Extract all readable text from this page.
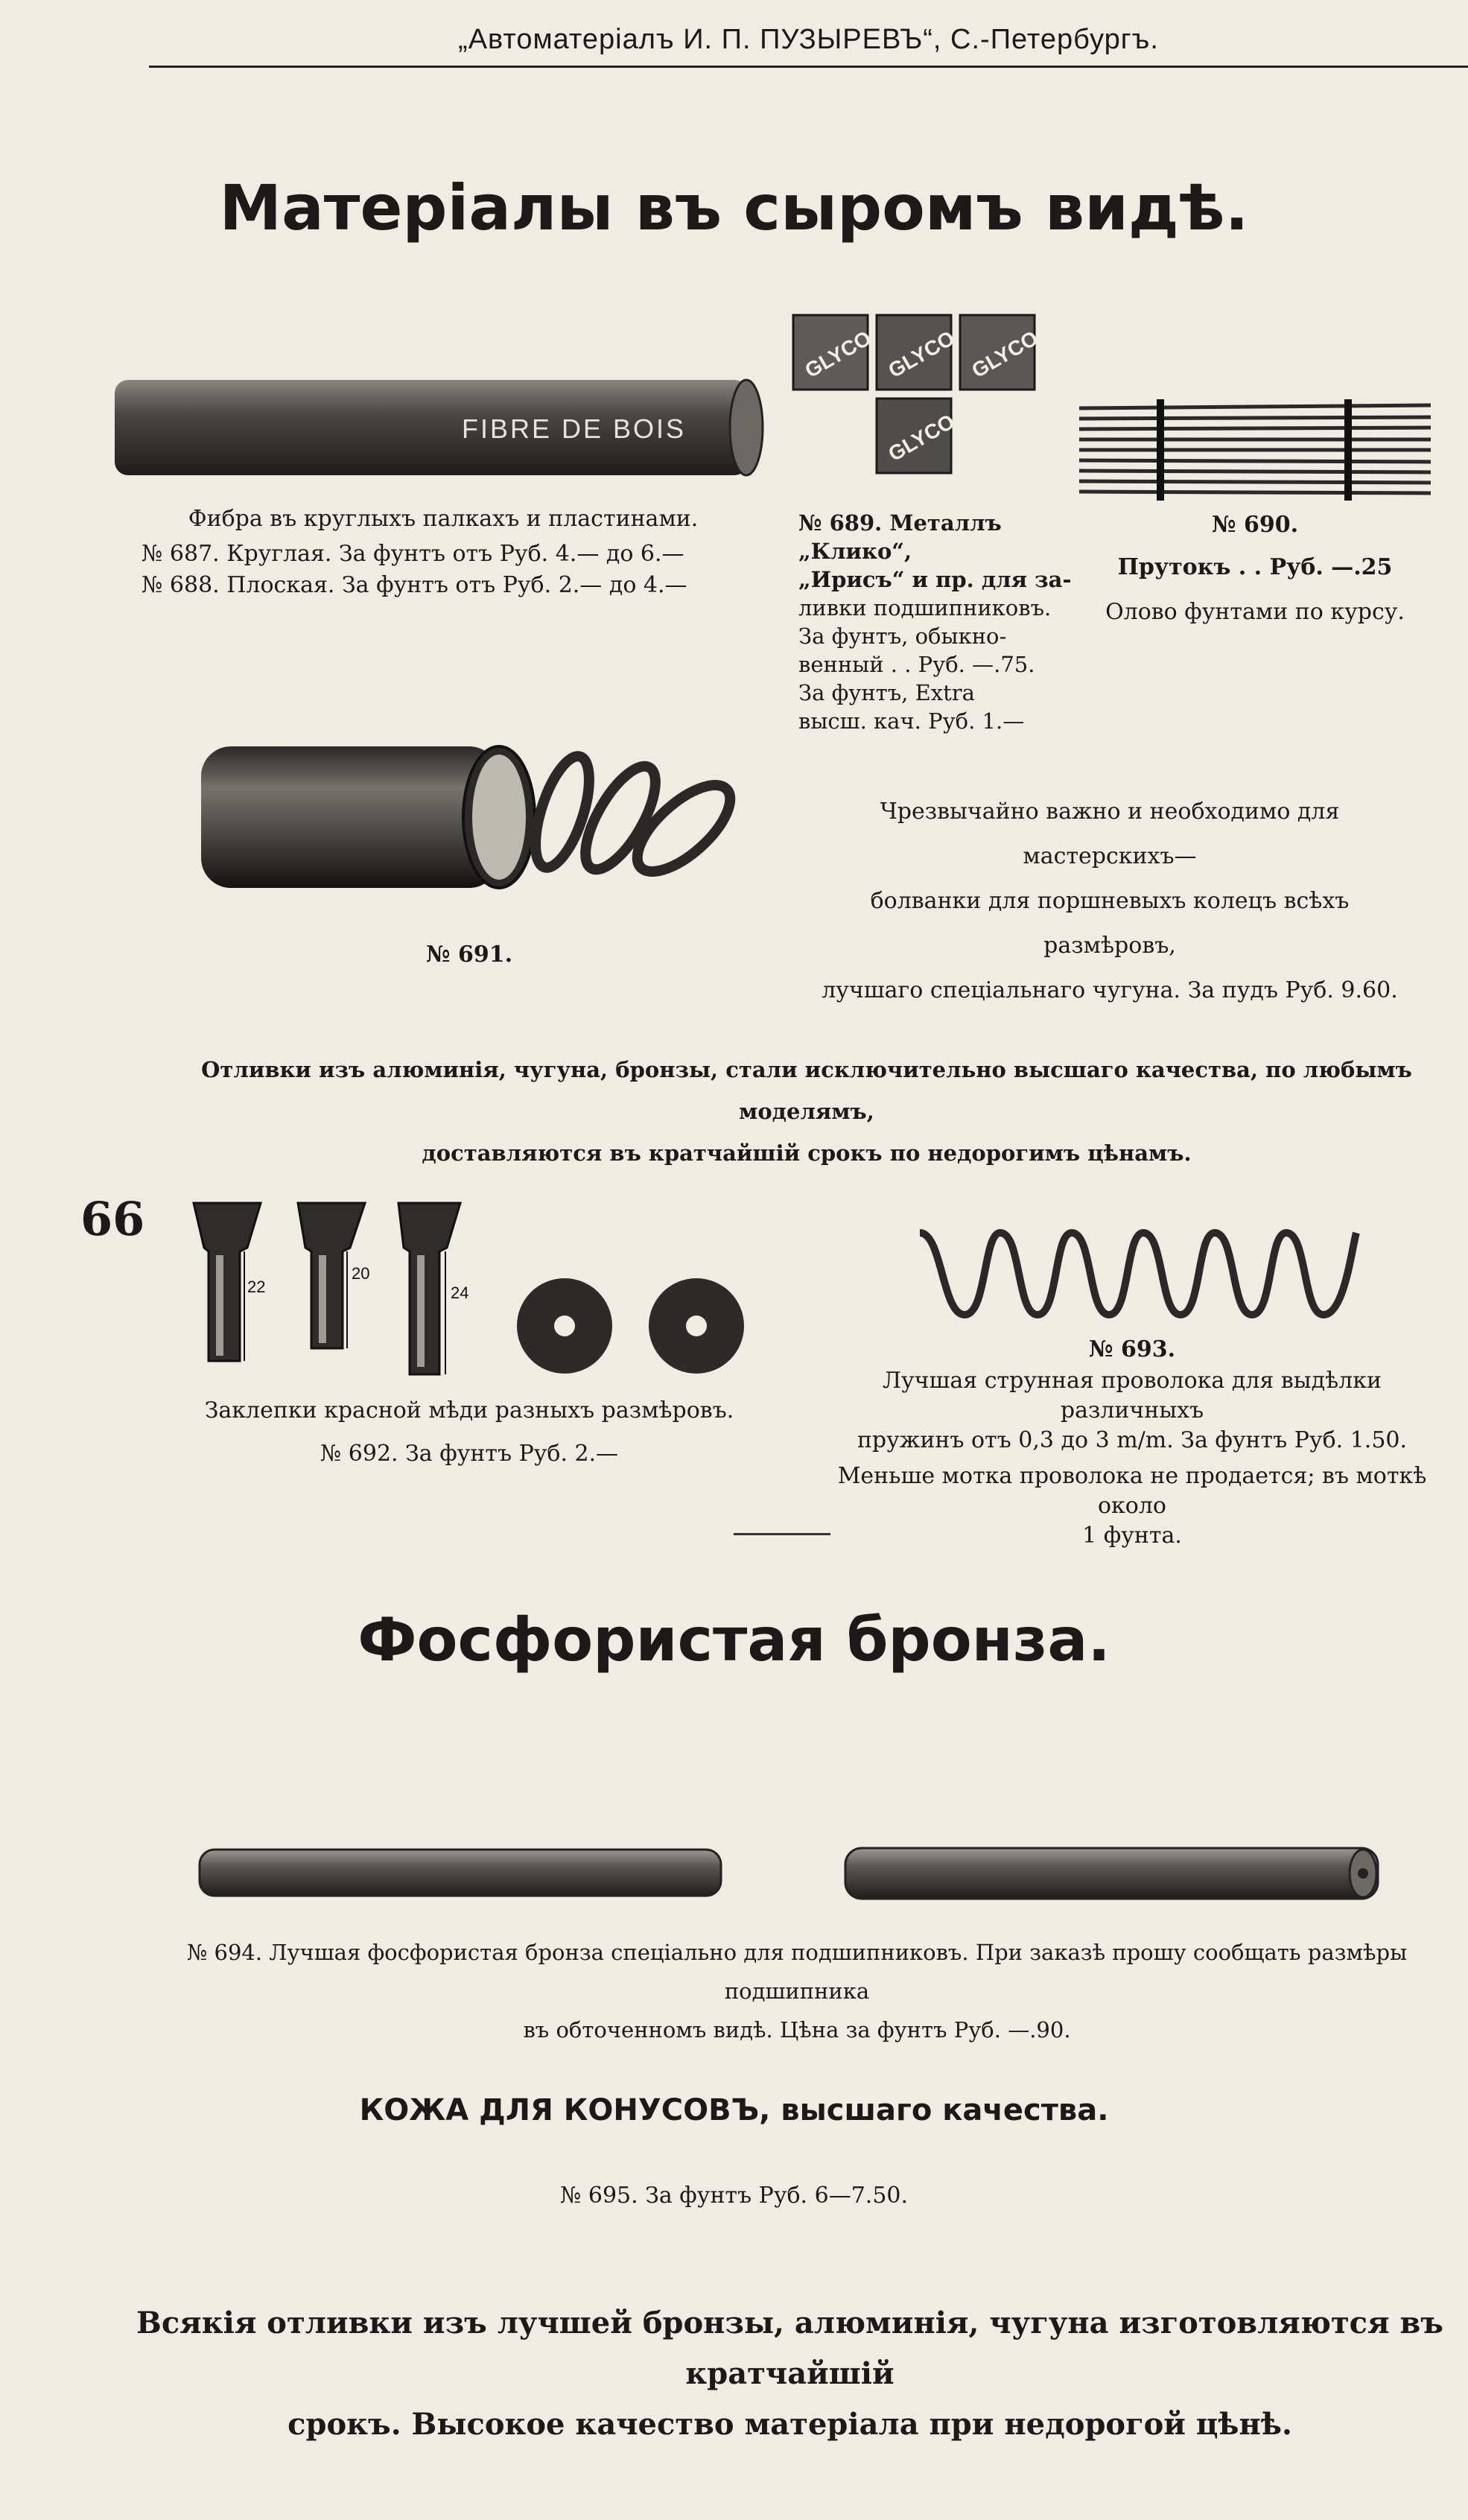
„Автоматеріалъ И. П. ПУЗЫРЕВЪ“, С.-Петербургъ.
Матеріалы въ сыромъ видѣ.
FIBRE DE BOIS
Фибра въ круглыхъ палкахъ и пластинами.
№ 687. Круглая. За фунтъ отъ Руб. 4.— до 6.—
№ 688. Плоская. За фунтъ отъ Руб. 2.— до 4.—
GLYCO GLYCO GLYCO
GLYCO
№ 689. Металлъ „Клико“,
„Ирисъ“ и пр. для за-
ливки подшипниковъ.
За фунтъ, обыкно-
венный . . Руб. —.75.
За фунтъ, Extra
высш. кач. Руб. 1.—
№ 690.
Прутокъ . . Руб. —.25
Олово фунтами по курсу.
№ 691.
Чрезвычайно важно и необходимо для мастерскихъ—
болванки для поршневыхъ колецъ всѣхъ размѣровъ,
лучшаго спеціальнаго чугуна. За пудъ Руб. 9.60.
Отливки изъ алюминія, чугуна, бронзы, стали исключительно высшаго качества, по любымъ моделямъ,
доставляются въ кратчайшій срокъ по недорогимъ цѣнамъ.
66
22
20
24
Заклепки красной мѣди разныхъ размѣровъ.
№ 692. За фунтъ Руб. 2.—
№ 693.
Лучшая струнная проволока для выдѣлки различныхъ
пружинъ отъ 0,3 до 3 m/m. За фунтъ Руб. 1.50.
Меньше мотка проволока не продается; въ моткѣ около
1 фунта.
Фосфористая бронза.
№ 694. Лучшая фосфористая бронза спеціально для подшипниковъ. При заказѣ прошу сообщать размѣры подшипника
въ обточенномъ видѣ. Цѣна за фунтъ Руб. —.90.
КОЖА ДЛЯ КОНУСОВЪ, высшаго качества.
№ 695. За фунтъ Руб. 6—7.50.
Всякія отливки изъ лучшей бронзы, алюминія, чугуна изготовляются въ кратчайшій
срокъ. Высокое качество матеріала при недорогой цѣнѣ.
